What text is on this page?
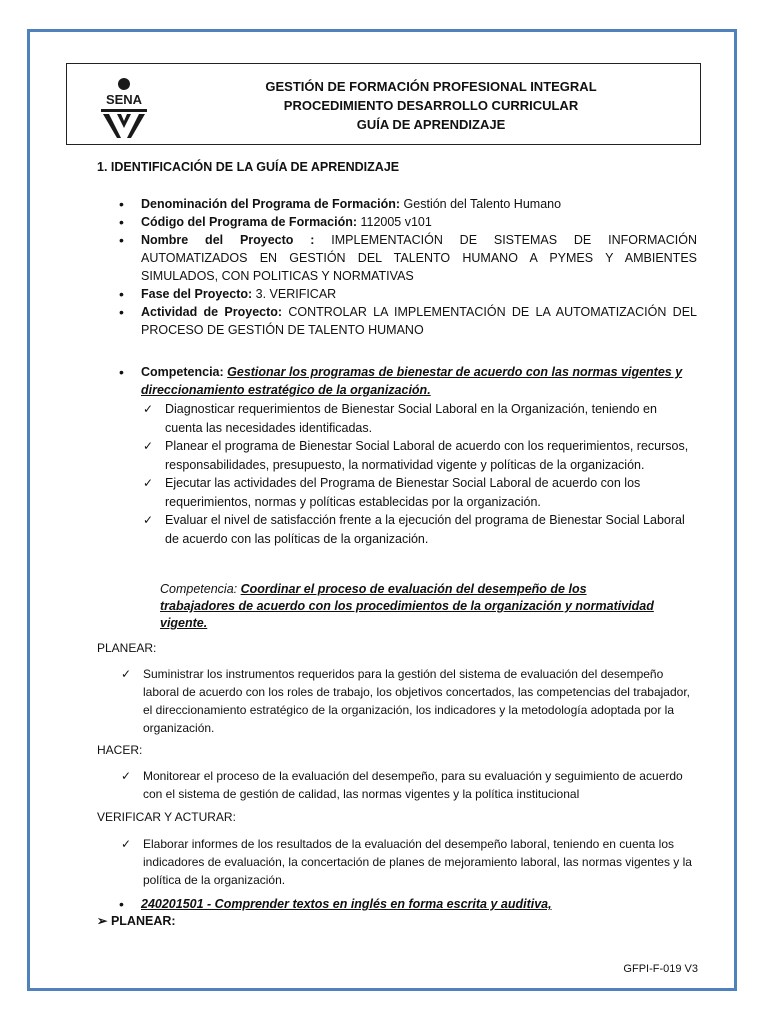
SENA
GESTIÓN DE FORMACIÓN PROFESIONAL INTEGRAL
PROCEDIMIENTO DESARROLLO CURRICULAR
GUÍA DE APRENDIZAJE
1. IDENTIFICACIÓN DE LA GUÍA DE APRENDIZAJE
• Denominación del Programa de Formación: Gestión del Talento Humano
• Código del Programa de Formación: 112005 v101
• Nombre del Proyecto : IMPLEMENTACIÓN DE SISTEMAS DE INFORMACIÓN AUTOMATIZADOS EN GESTIÓN DEL TALENTO HUMANO A PYMES Y AMBIENTES SIMULADOS, CON POLITICAS Y NORMATIVAS
• Fase del Proyecto: 3. VERIFICAR
• Actividad de Proyecto: CONTROLAR LA IMPLEMENTACIÓN DE LA AUTOMATIZACIÓN DEL PROCESO DE GESTIÓN DE TALENTO HUMANO
• Competencia: Gestionar los programas de bienestar de acuerdo con las normas vigentes y direccionamiento estratégico de la organización.
✓ Diagnosticar requerimientos de Bienestar Social Laboral en la Organización, teniendo en cuenta las necesidades identificadas.
✓ Planear el programa de Bienestar Social Laboral de acuerdo con los requerimientos, recursos, responsabilidades, presupuesto, la normatividad vigente y políticas de la organización.
✓ Ejecutar las actividades del Programa de Bienestar Social Laboral de acuerdo con los requerimientos, normas y políticas establecidas por la organización.
✓ Evaluar el nivel de satisfacción frente a la ejecución del programa de Bienestar Social Laboral de acuerdo con las políticas de la organización.
Competencia: Coordinar el proceso de evaluación del desempeño de los trabajadores de acuerdo con los procedimientos de la organización y normatividad vigente.
PLANEAR:
✓ Suministrar los instrumentos requeridos para la gestión del sistema de evaluación del desempeño laboral de acuerdo con los roles de trabajo, los objetivos concertados, las competencias del trabajador, el direccionamiento estratégico de la organización, los indicadores y la metodología adoptada por la organización.
HACER:
✓ Monitorear el proceso de la evaluación del desempeño, para su evaluación y seguimiento de acuerdo con el sistema de gestión de calidad, las normas vigentes y la política institucional
VERIFICAR Y ACTURAR:
✓ Elaborar informes de los resultados de la evaluación del desempeño laboral, teniendo en cuenta los indicadores de evaluación, la concertación de planes de mejoramiento laboral, las normas vigentes y la política de la organización.
• 240201501 - Comprender textos en inglés en forma escrita y auditiva,
➢ PLANEAR:
GFPI-F-019 V3
